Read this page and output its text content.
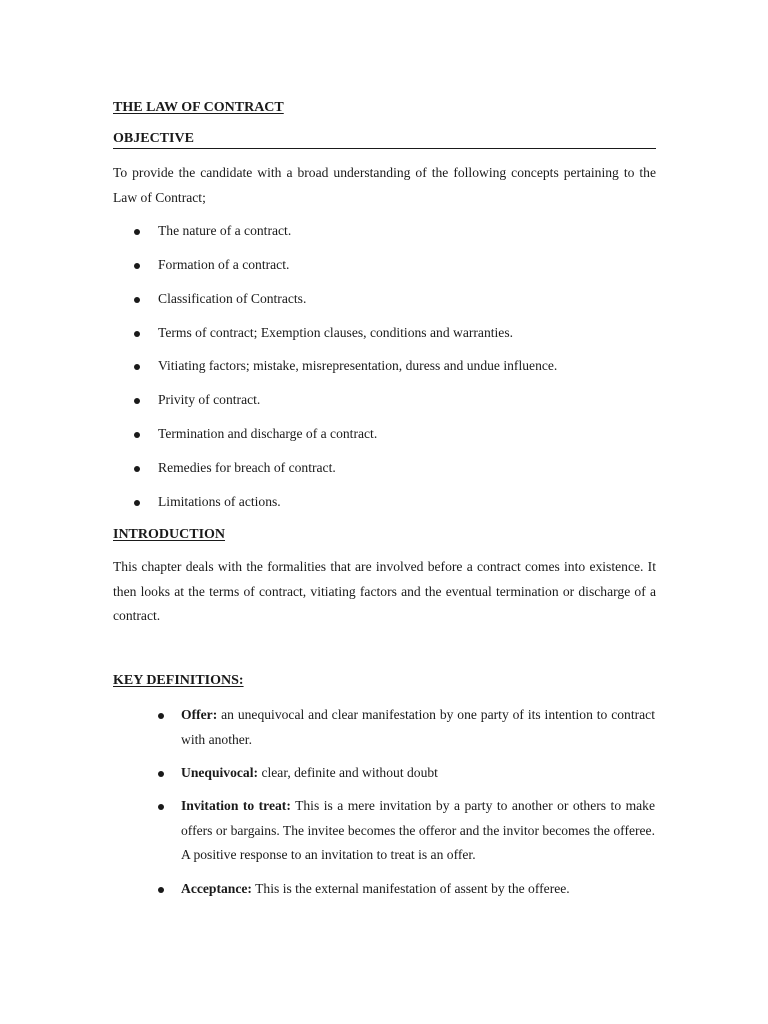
THE LAW OF CONTRACT
OBJECTIVE

To provide the candidate with a broad understanding of the following concepts pertaining to the Law of Contract;

The nature of a contract.
Formation of a contract.
Classification of Contracts.
Terms of contract; Exemption clauses, conditions and warranties.
Vitiating factors; mistake, misrepresentation, duress and undue influence.
Privity of contract.
Termination and discharge of a contract.
Remedies for breach of contract.
Limitations of actions.
INTRODUCTION

This chapter deals with the formalities that are involved before a contract comes into existence. It then looks at the terms of contract, vitiating factors and the eventual termination or discharge of a contract.

KEY DEFINITIONS:
Offer: an unequivocal and clear manifestation by one party of its intention to contract with another.
Unequivocal: clear, definite and without doubt
Invitation to treat: This is a mere invitation by a party to another or others to make offers or bargains. The invitee becomes the offeror and the invitor becomes the offeree. A positive response to an invitation to treat is an offer.
Acceptance: This is the external manifestation of assent by the offeree.
